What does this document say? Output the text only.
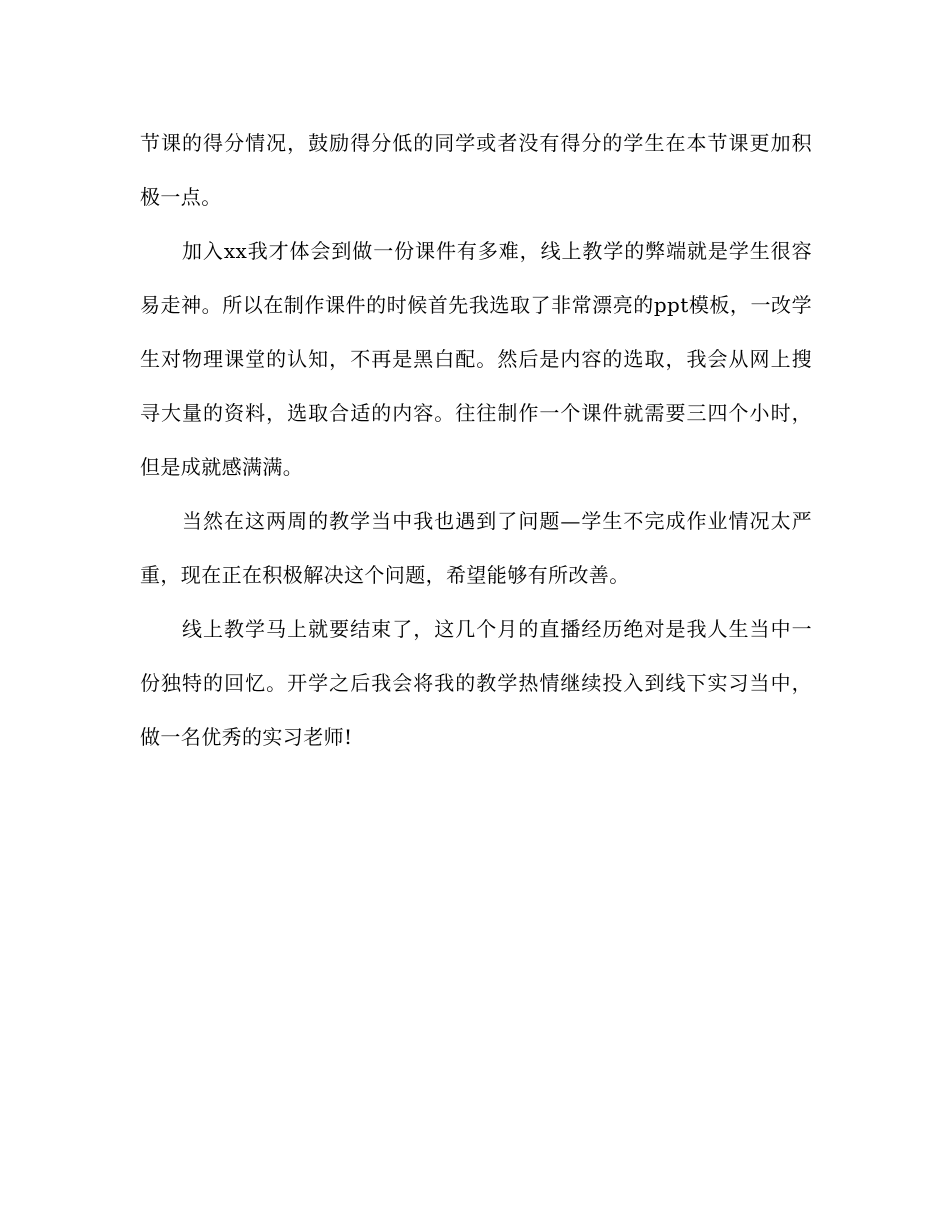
节课的得分情况，鼓励得分低的同学或者没有得分的学生在本节课更加积极一点。

加入xx我才体会到做一份课件有多难，线上教学的弊端就是学生很容易走神。所以在制作课件的时候首先我选取了非常漂亮的ppt模板，一改学生对物理课堂的认知，不再是黑白配。然后是内容的选取，我会从网上搜寻大量的资料，选取合适的内容。往往制作一个课件就需要三四个小时，但是成就感满满。

当然在这两周的教学当中我也遇到了问题—学生不完成作业情况太严重，现在正在积极解决这个问题，希望能够有所改善。

线上教学马上就要结束了，这几个月的直播经历绝对是我人生当中一份独特的回忆。开学之后我会将我的教学热情继续投入到线下实习当中，做一名优秀的实习老师!
